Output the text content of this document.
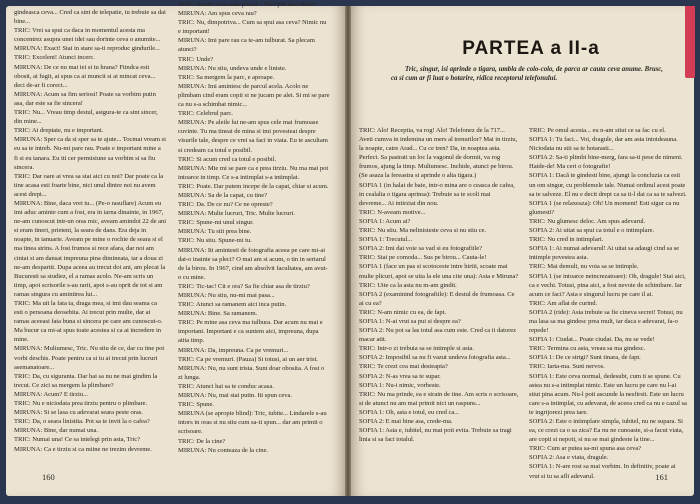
gindeasca ceva... Cred ca sint de telepatie, tu trebuie sa dai bine...

TRIC: Vrei sa spui ca daca in momentul acesta ma concentrez asupra unei idei sau dorinte ceva o anumite...

MIRUNA: Exact! Stai in stare sa-ti reproduc gindurile...

TRIC: Excelent! Atunci incerc.

MIRUNA: De ce nu mai iei si tu hrana? Fiindca esti obosit, ai fugit, ai spus ca ai muncit si ai mincat ceva... deci de-ar fi corect...

MIRUNA: Acum sa fim seriosi! Poate sa vorbim putin asa, dar este sa fie sincera!

TRIC: Nu... Vreau timp destul, asigura-te ca sint sincer, din mine...

TRIC: Ai dreptate, nu e important.

MIRUNA: Sper ca da si sper sa te ajute... Tocmai vream si eu sa te intreb. Nu-mi pare rau. Poate e important mine a fi si eu tanara. Eu iti cer permisiune sa vorbim si sa fiu sincera.

TRIC: Dar oare ai vrea sa stai aici cu noi? Dar poate ca la tine acasa esti foarte bine, nici unul dintre noi nu avem acest drept...

MIRUNA: Bine, daca vrei tu... (Pe-o rasuflare) Acum eu imi aduc aminte cum a fost, era in iarna dinainte, in 1967, ne-am cunoscut intr-un oras mic, aveam amindoi 22 de ani si eram tineri, prieteni, la seara de dans. Era deja in noapte, in ianuarie. Aveam pe mine o rochie de seara si el ma tinea strins. A fost frumos si rece afara, dar noi am cintat si am dansat impreuna pina dimineata, iar a doua zi ne-am despartit. Dupa aceea au trecut doi ani, am plecat la Bucuresti sa studiez, el a ramas acolo. Ne-am scris un timp, apoi scrisorile s-au rarit, apoi s-au oprit de tot si am ramas singura cu amintirea lui...

TRIC: Ma uit la fata ta, draga mea, si imi dau seama ca esti o persoana deosebita. Ai trecut prin multe, dar ai ramas aceeasi fata buna si sincera pe care am cunoscut-o. Ma bucur ca mi-ai spus toate acestea si ca ai incredere in mine.

MIRUNA: Multumesc, Tric. Nu stiu de ce, dar cu tine pot vorbi deschis. Poate pentru ca si tu ai trecut prin lucruri asemanatoare...

TRIC: Da, cu siguranta. Dar hai sa nu ne mai gindim la trecut. Ce zici sa mergem la plimbare?

MIRUNA: Acum? E tirziu...

TRIC: Nu e niciodata prea tirziu pentru o plimbare.

MIRUNA: Si se lasa cu adevarat seara peste oras.

TRIC: Da, o seara linistita. Pot sa te invit la o cafea?

MIRUNA: Bine, dar numai una.

TRIC: Numai una! Ce sa intelegi prin asta, Tric?

MIRUNA: Ca e tirziu si ca miine ne trezim devreme.

TRIC: Atunci vom cade placid... Nu-i pot face nimic!

MIRUNA: Am spus ceva rau?

TRIC: Nu, dimpotriva... Cum sa spui asa ceva? Nimic nu e important!

MIRUNA: Imi pare rau ca te-am tulburat. Sa plecam atunci?

TRIC: Unde?

MIRUNA: Nu stiu, undeva unde e liniste.

TRIC: Sa mergem la parc, e aproape.

MIRUNA: Imi amintesc de parcul acela. Acolo ne plimbam cind eram copii si ne jucam pe alei. Si mi se pare ca nu s-a schimbat nimic...

TRIC: Celebrul parc.

MIRUNA: Pe aleile lui ne-am spus cele mai frumoase cuvinte. Tu ma tineai de mina si imi povesteai despre visurile tale, despre ce vrei sa faci in viata. Eu te ascultam si credeam ca totul e posibil.

TRIC: Si acum cred ca totul e posibil.

MIRUNA: Mie mi se pare ca e prea tirziu. Nu ma mai pot intoarce in timp. Ce s-a intimplat s-a intimplat.

TRIC: Poate. Dar putem incepe de la capat, chiar si acum.

MIRUNA: Sa de la capat, cu tine?

TRIC: Da. De ce nu? Ce ne opreste?

MIRUNA: Multe lucruri, Tric. Multe lucruri.

TRIC: Spune-mi unul singur.

MIRUNA: Tu stii prea bine.

TRIC: Nu stiu. Spune-mi tu.

MIRUNA: Iti amintesti de fotografia aceea pe care mi-ai dat-o inainte sa pleci? O mai am si acum, o tin in sertarul de la birou. In 1967, cind am absolvit facultatea, am avut-o cu mine.

TRIC: Tic-tac! Cit e ora? Sa fie chiar asa de tirziu?

MIRUNA: Nu stiu, nu-mi mai pasa...

TRIC: Atunci sa ramanem aici inca putin.

MIRUNA: Bine. Sa ramanem.

TRIC: Pe mine asa ceva ma tulbura. Dar acum nu mai e important. Important e ca suntem aici, impreuna, dupa atita timp.

MIRUNA: Da, impreuna. Ca pe vremuri...

TRIC: Ca pe vremuri. (Pauza) Si totusi, ai un aer trist.

MIRUNA: Nu, nu sunt trista. Sunt doar obosita. A fost o zi lunga.

TRIC: Atunci hai sa te conduc acasa.

MIRUNA: Nu, mai stai putin. Iti spun ceva.

TRIC: Spune.

MIRUNA (se apropie blind): Tric, iubite... Lindarele s-au intors in oras si nu stiu cum sa-ti spun... dar am primit o scrisoare.

TRIC: De la cine?

MIRUNA: Nu conteaza de la cine.

160
PARTEA a II-a
Tric, singur, isi aprinde o tigara, umbla de colo-colo, de parca ar cauta ceva anume. Brusc, ca si cum ar fi luat o hotarire, ridica receptorul telefonului.

TRIC: Alo! Receptia, va rog! Alo! Telefonez de la 717... Aveti cumva in indemina un mers al trenurilor? Mai in tirziu, la noapte, catre Arad... Cu ce tren? Da, in noaptea asta. Perfect. Sa pastrati un loc la vagonul de dormit, va rog frumos, ajung la timp. Multumesc. Inchide, atunci pe birou. (Se asaza la fereastra si aprinde o alta tigara.)

SOFIA 1 (in halat de baie, intr-o mina are o ceasca de cafea, in cealalta o tigara aprinsa): Trebuie sa te scoli mai devreme... Ai intirziat din nou.

TRIC: N-aveam motive...

SOFIA 1: Acum ai?

TRIC: Nu stiu. Ma nelinisteste ceva si nu stiu ce.

SOFIA 1: Trecutul...

SOFIA 2: Imi dai voie sa vad si eu fotografiile?

TRIC: Stai pe comoda... Sus pe birou... Cauta-le!

SOFIA 1 (face un pas si scotoceste intre hirtii, scoate mai multe plicuri, apoi se uita la ele una cite una): Asta e Miruna?

TRIC: Uite ca la asta nu m-am gindit.

SOFIA 2 (examinind fotografiile): E destul de frumoasa. Ce ai cu ea?

TRIC: N-am nimic cu ea, de fapt.

SOFIA 1: N-ai vrut sa pui si despre ea?

SOFIA 2: Nu pot sa las totul asa cum este. Cred ca ii datorez macar atit.

TRIC: Intr-o zi trebuia sa se intimple si asta.

SOFIA 2: Imposibil sa nu fi vazut undeva fotografia asta...

TRIC: Te crezi cea mai desteapta?

SOFIA 2: N-as vrea sa te supar.

SOFIA 1: Nu-i nimic, vorbeste.

TRIC: Nu ma prinde, ea e strain de tine. Am scris o scrisoare, si de atunci nu am mai primit nici un raspuns...

SOFIA 1: Oh, asta e totul, eu cred ca...

SOFIA 2: E mai bine asa, crede-ma.

SOFIA 1: Asta e, iubitel, nu mai poti evita. Trebuie sa tragi linia si sa faci totalul.

TRIC: Pe omul acesta... eu n-am stiut ce sa fac cu el.

SOFIA 1: Tu faci... Voi, dragule, dar am asta intotdeauna. Niciodata nu stii sa te hotarasti...

SOFIA 2: Sa-ti plimbi bine-merg, fara sa-ti pese de nimeni. Haide-de! Ma ceri o fotografie!

SOFIA 1: Dacă te gindesti bine, ajungi la concluzia ca esti un om singur, cu problemele tale. Numai ordinul acest poate sa te salveze. El nu e decit drept ca sa ti-l dai ca sa te salvezi.

SOFIA 1 (se relaxeaza): Oh! Un moment! Esti sigur ca nu glumesti?

TRIC: Nu glumesc deloc. Am spus adevarul.

SOFIA 2: Ai uitat sa spui ca totul e o intimplare.

TRIC: Nu cred in intimplari.

SOFIA 1: Ai numai adevarul! Ai uitat sa adaugi cind sa se intimple povestea asta.

TRIC: Mai demult, nu voia sa se intimple.

SOFIA 1 (se intoarce neincrezatoare): Oh, dragule! Stai aici, ca e vechi. Totusi, pina aici, a fost nevoie de schimbare. Iar acum ce faci? Asta e singurul lucru pe care il ai.

TRIC: Am aflat de curind.

SOFIA 2 (ride): Asta trebuie sa fie cineva secret! Totusi, nu ma lasa sa ma gindesc prea mult, iar daca e adevarat, fa-o repede!

SOFIA 1: Ciudat... Poate ciudat. Da, nu se vede!

TRIC: Termina cu asta, vreau sa ma gindesc.

SOFIA 1: De ce strigi? Sunt tinara, de fapt.

TRIC: Iarta-ma. Sunt nervos.

SOFIA 1: Este ceva normal, dedesubt, cum ti se spune. Cu astea nu s-a intimplat nimic. Este un lucru pe care nu l-ai stiut pina acum. Nu-l poti ascunde la nesfirsit. Este un lucru care s-a intimplat, cu adevarat, de aceea cred ca nu e cazul sa te ingrijorezi prea tare.

SOFIA 2: Este o intimplare simpla, iubitel, nu ne supara. Si ea, ce crezi ca o sa zica? Ea nu ne cunoaste, si-a facut viata, are copii si nepoti, si nu se mai gindeste la tine...

TRIC: Cum ar putea sa-mi spuna asa ceva?

SOFIA 2: Asa e viata, dragule.

SOFIA 1: N-are rost sa mai vorbim. In definitiv, poate ai vrut si tu sa afli adevarul.	161
